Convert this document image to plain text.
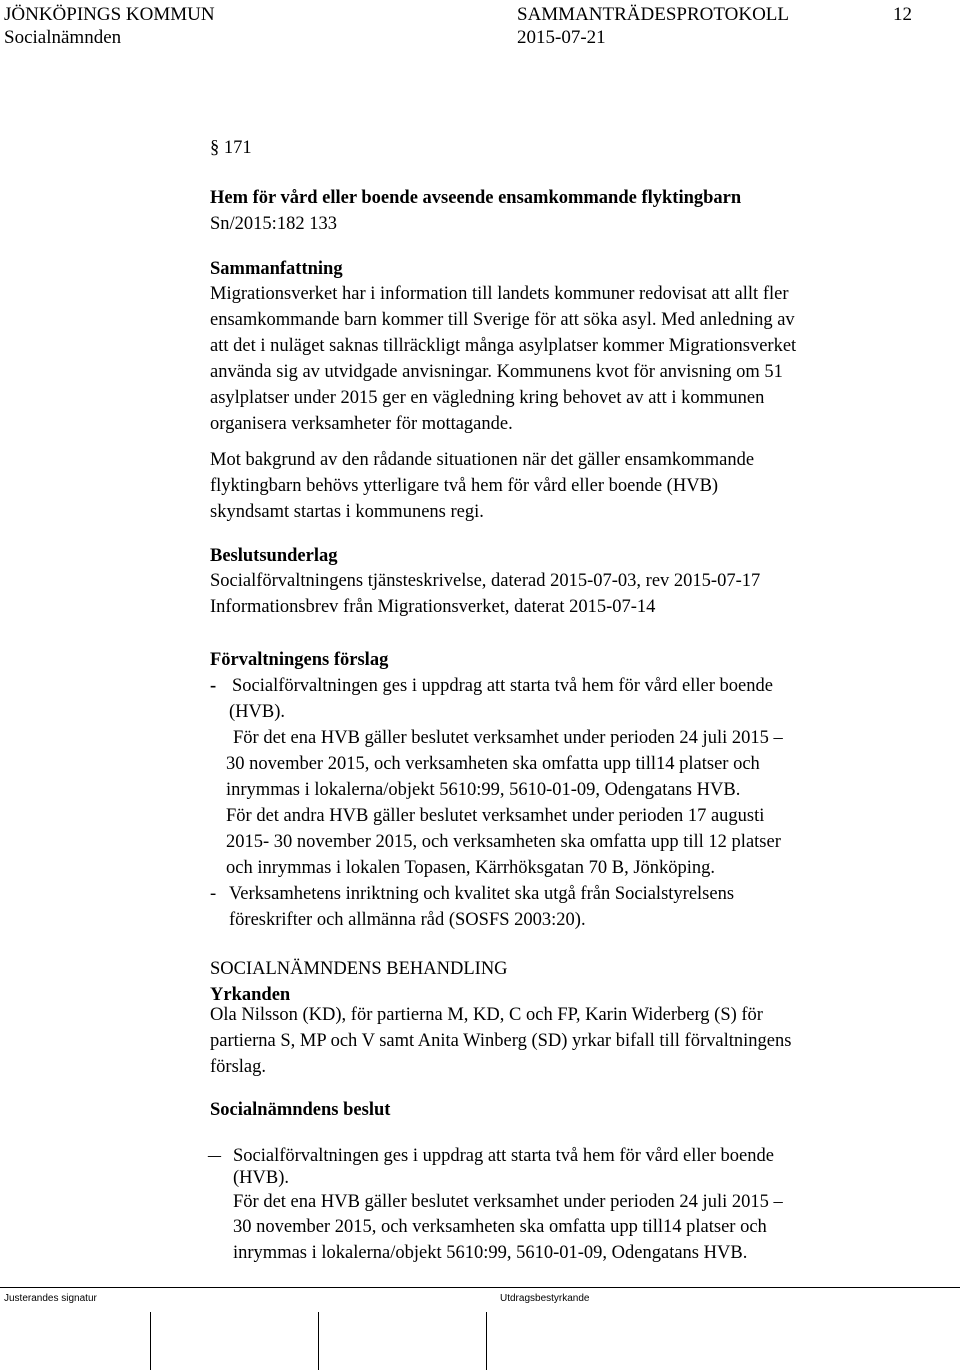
JÖNKÖPINGS KOMMUN
Socialnämnden
SAMMANTRÄDESPROTOKOLL
2015-07-21
12
§ 171
Hem för vård eller boende avseende ensamkommande flyktingbarn
Sn/2015:182 133
Sammanfattning
Migrationsverket har i information till landets kommuner redovisat att allt fler
ensamkommande barn kommer till Sverige för att söka asyl. Med anledning av
att det i nuläget saknas tillräckligt många asylplatser kommer Migrationsverket
använda sig av utvidgade anvisningar. Kommunens kvot för anvisning om 51
asylplatser under 2015 ger en vägledning kring behovet av att i kommunen
organisera verksamheter för mottagande.
Mot bakgrund av den rådande situationen när det gäller ensamkommande
flyktingbarn behövs ytterligare två hem för vård eller boende (HVB)
skyndsamt startas i kommunens regi.
Beslutsunderlag
Socialförvaltningens tjänsteskrivelse, daterad 2015-07-03, rev 2015-07-17
Informationsbrev från Migrationsverket, daterat 2015-07-14
Förvaltningens förslag
- Socialförvaltningen ges i uppdrag att starta två hem för vård eller boende
(HVB).
För det ena HVB gäller beslutet verksamhet under perioden 24 juli 2015 –
30 november 2015, och verksamheten ska omfatta upp till14 platser och
inrymmas i lokalerna/objekt 5610:99, 5610-01-09, Odengatans HVB.
För det andra HVB gäller beslutet verksamhet under perioden 17 augusti
2015- 30 november 2015, och verksamheten ska omfatta upp till 12 platser
och inrymmas i lokalen Topasen, Kärrhöksgatan 70 B, Jönköping.
- Verksamhetens inriktning och kvalitet ska utgå från Socialstyrelsens
föreskrifter och allmänna råd (SOSFS 2003:20).
SOCIALNÄMNDENS BEHANDLING
Yrkanden
Ola Nilsson (KD), för partierna M, KD, C och FP, Karin Widerberg (S) för
partierna S, MP och V samt Anita Winberg (SD) yrkar bifall till förvaltningens
förslag.
Socialnämndens beslut
– Socialförvaltningen ges i uppdrag att starta två hem för vård eller boende
(HVB).
För det ena HVB gäller beslutet verksamhet under perioden 24 juli 2015 –
30 november 2015, och verksamheten ska omfatta upp till14 platser och
inrymmas i lokalerna/objekt 5610:99, 5610-01-09, Odengatans HVB.
Justerandes signatur	Utdragsbestyrkande
